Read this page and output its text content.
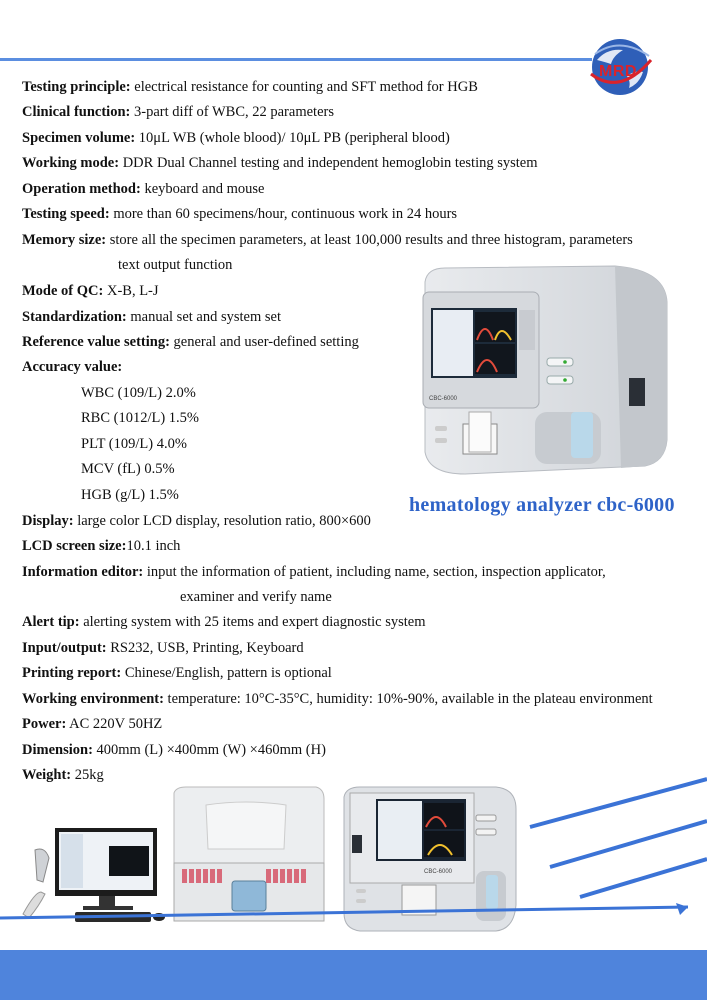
MRD
Testing principle: electrical resistance for counting and SFT method for HGB
Clinical function: 3-part diff of WBC, 22 parameters
Specimen volume: 10μL WB (whole blood)/ 10μL PB (peripheral blood)
Working mode: DDR Dual Channel testing and independent hemoglobin testing system
Operation method: keyboard and mouse
Testing speed: more than 60 specimens/hour, continuous work in 24 hours
Memory size: store all the specimen parameters, at least 100,000 results and three histogram, parameters
text output function
Mode of QC: X-B, L-J
Standardization: manual set and system set
Reference value setting: general and user-defined setting
Accuracy value:
WBC (109/L) 2.0%
RBC (1012/L) 1.5%
PLT (109/L) 4.0%
MCV (fL) 0.5%
HGB (g/L) 1.5%
Display: large color LCD display, resolution ratio, 800×600
LCD screen size:10.1 inch
Information editor: input the information of patient, including name, section, inspection applicator,
examiner and verify name
Alert tip: alerting system with 25 items and expert diagnostic system
Input/output: RS232, USB, Printing, Keyboard
Printing report: Chinese/English, pattern is optional
Working environment: temperature: 10°C-35°C, humidity: 10%-90%, available in the plateau environment
Power: AC 220V 50HZ
Dimension: 400mm (L) ×400mm (W) ×460mm (H)
Weight: 25kg
CBC-6000
hematology analyzer cbc-6000
CBC-6000
